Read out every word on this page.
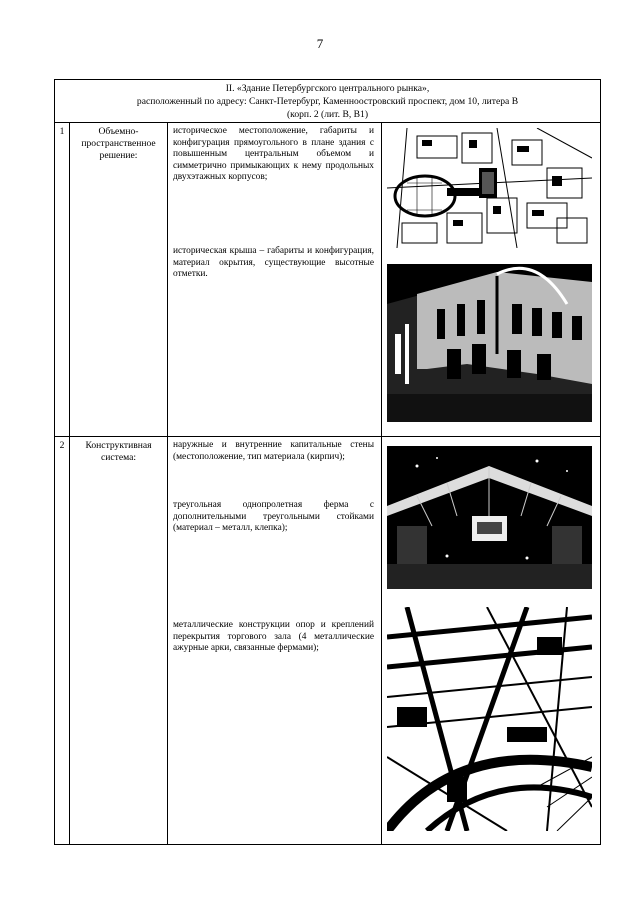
7
II. «Здание Петербургского центрального рынка»,
расположенный по адресу: Санкт-Петербург, Каменноостровский проспект, дом 10, литера В
(корп. 2 (лит. В, В1)			

1	Объемно-пространственное решение:	историческое местоположение, габариты и конфигурация прямоугольного в плане здания с повышенным центральным объемом и симметрично примыкающих к нему продольных двухэтажных корпусов;
историческая крыша – габариты и конфигурация, материал окрытия, существующие высотные отметки.

2	Конструктивная система:	наружные и внутренние капитальные стены (местоположение, тип материала (кирпич);
треугольная однопролетная ферма с дополнительными треугольными стойками (материал – металл, клепка);
металлические конструкции опор и креплений перекрытия торгового зала (4 металлические ажурные арки, связанные фермами);
